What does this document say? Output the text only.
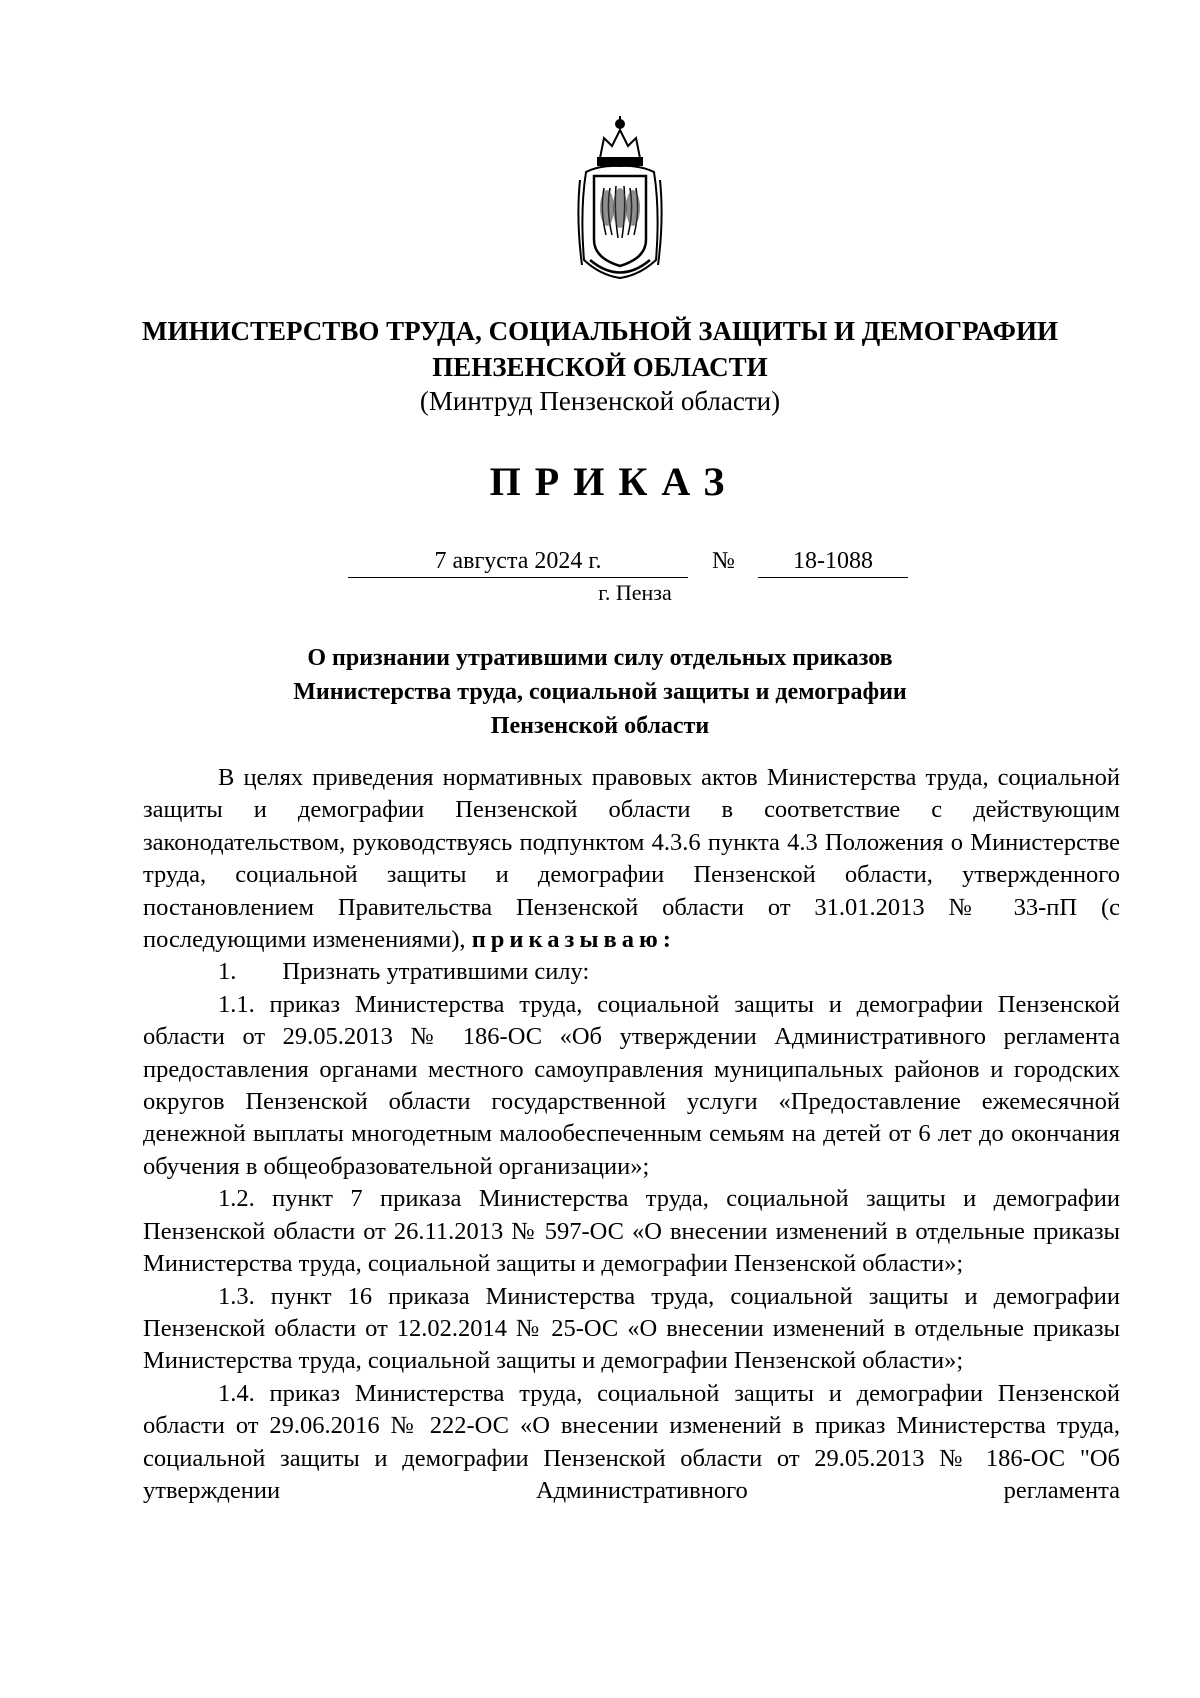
МИНИСТЕРСТВО ТРУДА, СОЦИАЛЬНОЙ ЗАЩИТЫ И ДЕМОГРАФИИ
ПЕНЗЕНСКОЙ ОБЛАСТИ
(Минтруд Пензенской области)
ПРИКАЗ
7 августа 2024 г.	№	18-1088
г. Пенза
О признании утратившими силу отдельных приказов
Министерства труда, социальной защиты и демографии
Пензенской области

В целях приведения нормативных правовых актов Министерства труда, социальной защиты и демографии Пензенской области в соответствие с действующим законодательством, руководствуясь подпунктом 4.3.6 пункта 4.3 Положения о Министерстве труда, социальной защиты и демографии Пензенской области, утвержденного постановлением Правительства Пензенской области от 31.01.2013 № 33-пП (с последующими изменениями), приказываю:

1. Признать утратившими силу:

1.1. приказ Министерства труда, социальной защиты и демографии Пензенской области от 29.05.2013 № 186-ОС «Об утверждении Административного регламента предоставления органами местного самоуправления муниципальных районов и городских округов Пензенской области государственной услуги «Предоставление ежемесячной денежной выплаты многодетным малообеспеченным семьям на детей от 6 лет до окончания обучения в общеобразовательной организации»;

1.2. пункт 7 приказа Министерства труда, социальной защиты и демографии Пензенской области от 26.11.2013 № 597-ОС «О внесении изменений в отдельные приказы Министерства труда, социальной защиты и демографии Пензенской области»;

1.3. пункт 16 приказа Министерства труда, социальной защиты и демографии Пензенской области от 12.02.2014 № 25-ОС «О внесении изменений в отдельные приказы Министерства труда, социальной защиты и демографии Пензенской области»;

1.4. приказ Министерства труда, социальной защиты и демографии Пензенской области от 29.06.2016 № 222-ОС «О внесении изменений в приказ Министерства труда, социальной защиты и демографии Пензенской области от 29.05.2013 № 186-ОС "Об утверждении Административного регламента
